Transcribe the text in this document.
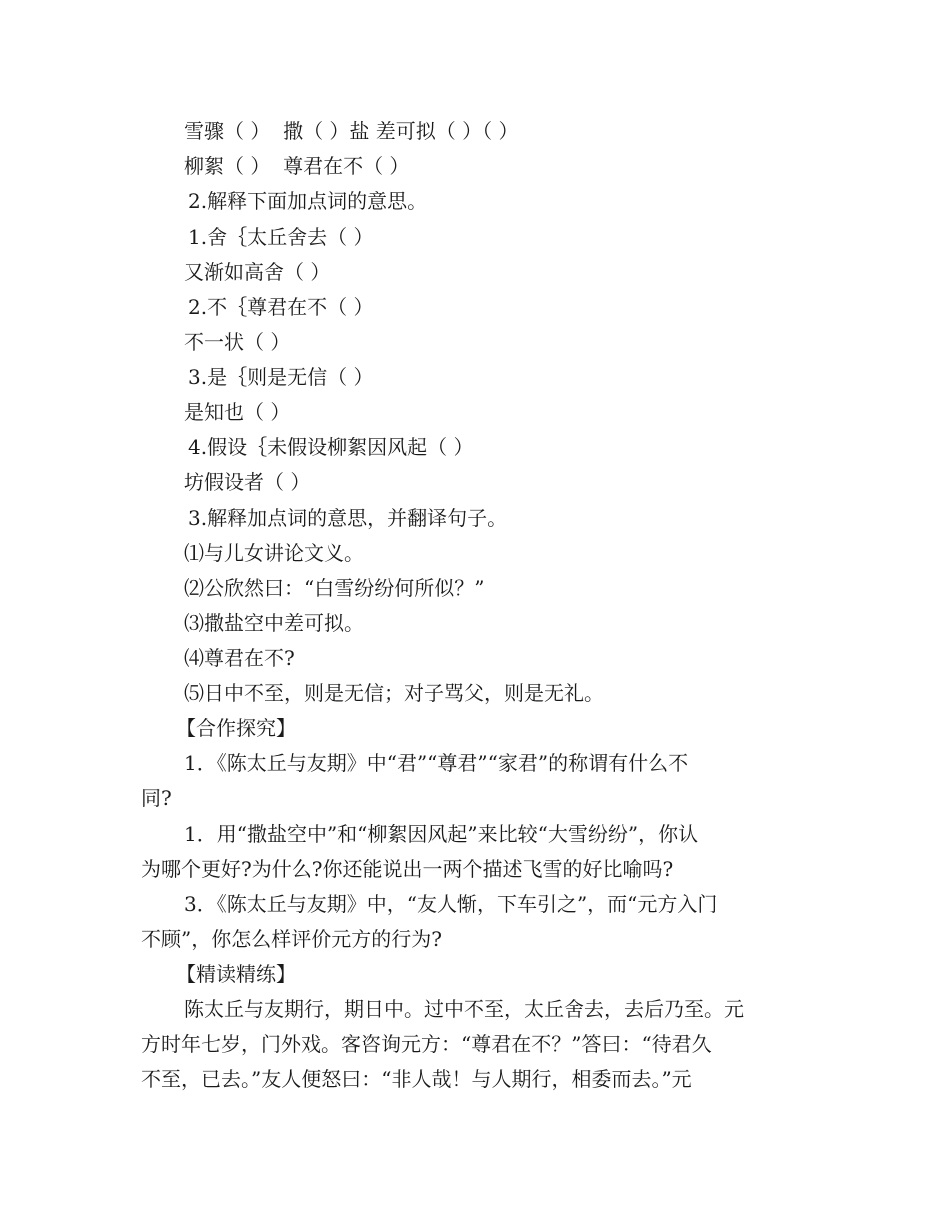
雪骤（ ）  撒（ ）盐 差可拟（ ）（ ）
柳絮（ ）  尊君在不（ ）
2.解释下面加点词的意思。
1.舍｛太丘舍去（ ）
又渐如高舍（ ）
2.不｛尊君在不（ ）
不一状（ ）
3.是｛则是无信（ ）
是知也（ ）
4.假设｛未假设柳絮因风起（ ）
坊假设者（ ）
3.解释加点词的意思，并翻译句子。
⑴与儿女讲论文义。
⑵公欣然曰：“白雪纷纷何所似？”
⑶撒盐空中差可拟。
⑷尊君在不?
⑸日中不至，则是无信；对子骂父，则是无礼。
【合作探究】
1．《陈太丘与友期》中“君”“尊君”“家君”的称谓有什么不
同?
1．用“撒盐空中”和“柳絮因风起”来比较“大雪纷纷”，你认
为哪个更好?为什么?你还能说出一两个描述飞雪的好比喻吗?
3．《陈太丘与友期》中，“友人惭，下车引之”，而“元方入门
不顾”，你怎么样评价元方的行为?
【精读精练】
陈太丘与友期行，期日中。过中不至，太丘舍去，去后乃至。元
方时年七岁，门外戏。客咨询元方：“尊君在不？”答曰：“待君久
不至，已去。”友人便怒曰：“非人哉！与人期行，相委而去。”元
